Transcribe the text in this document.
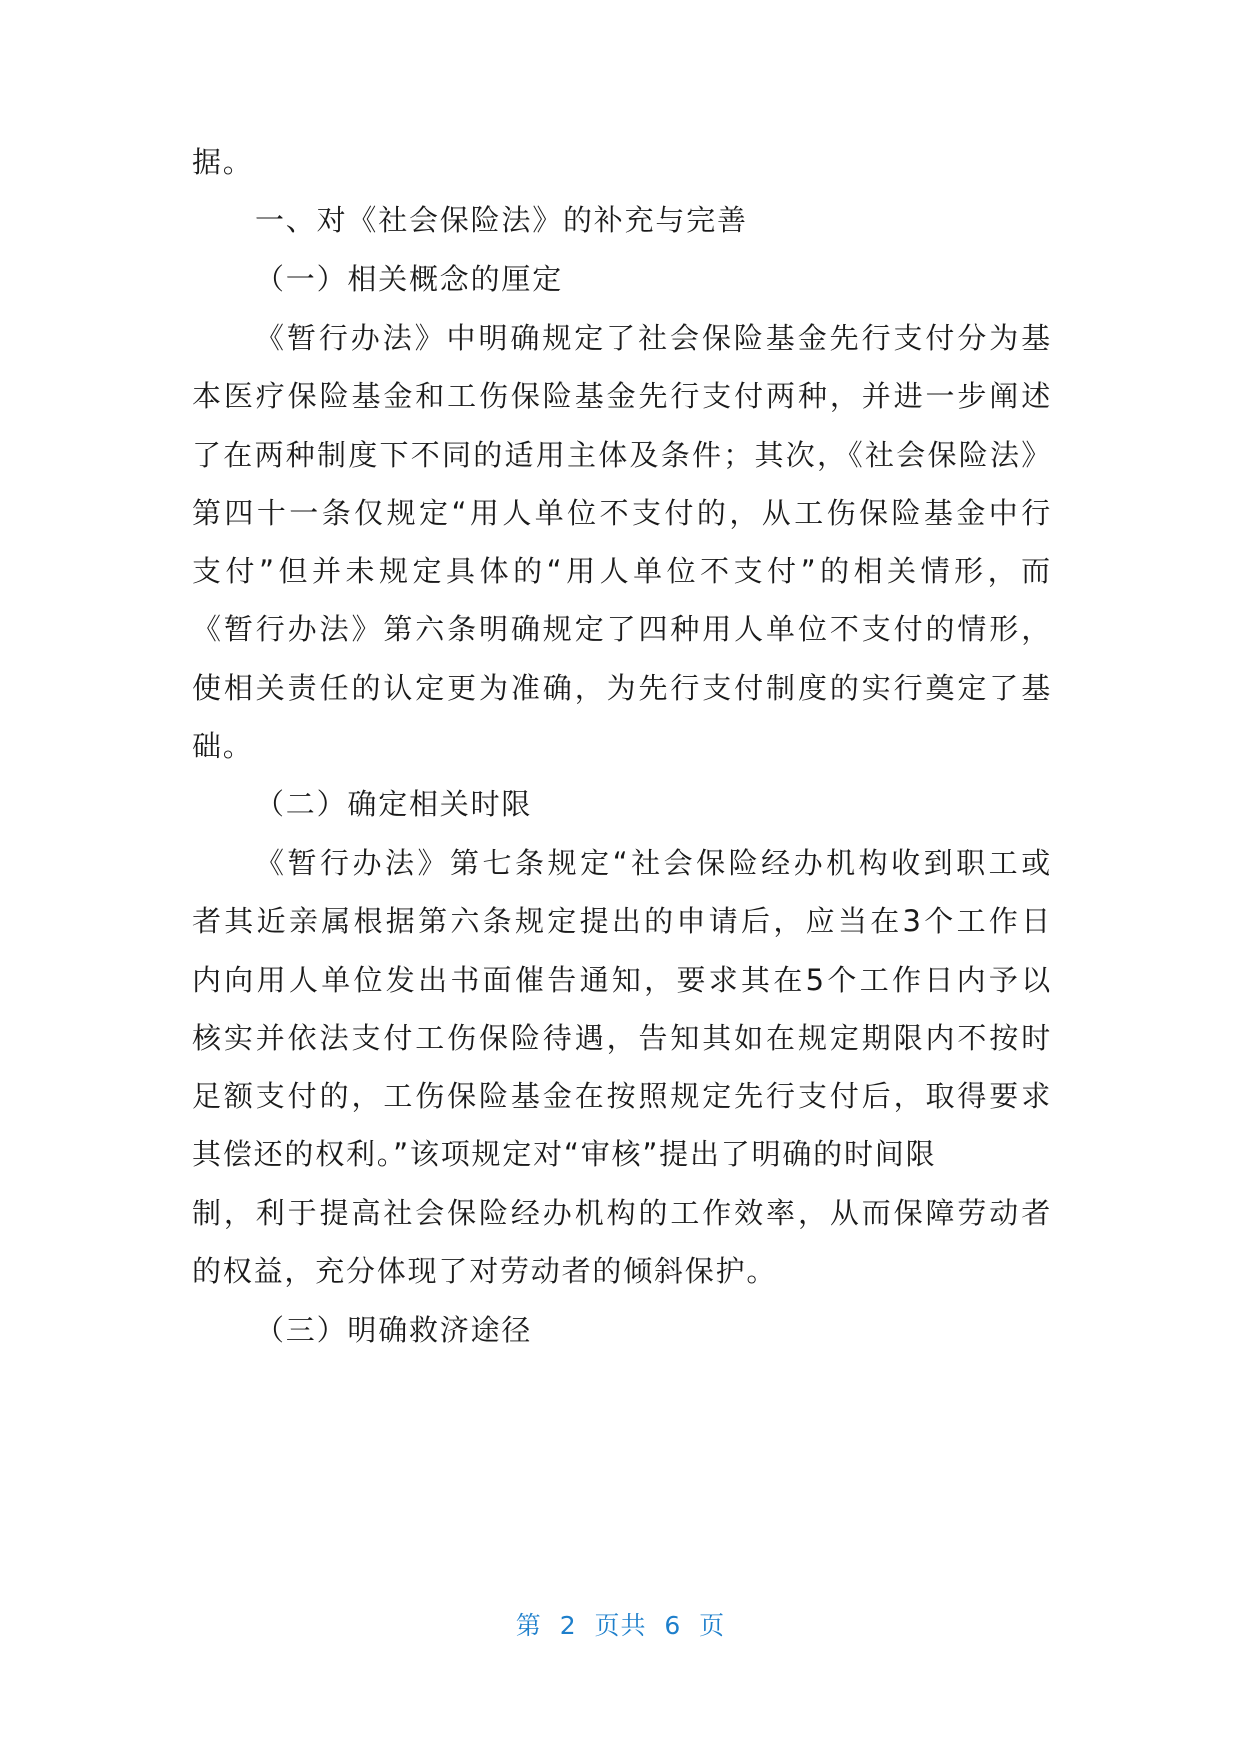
据。
一、对《社会保险法》的补充与完善
（一）相关概念的厘定
《暂行办法》中明确规定了社会保险基金先行支付分为基
本医疗保险基金和工伤保险基金先行支付两种，并进一步阐述
了在两种制度下不同的适用主体及条件；其次，《社会保险法》
第四十一条仅规定“用人单位不支付的，从工伤保险基金中行
支付”但并未规定具体的“用人单位不支付”的相关情形，而
《暂行办法》第六条明确规定了四种用人单位不支付的情形，
使相关责任的认定更为准确，为先行支付制度的实行奠定了基
础。
（二）确定相关时限
《暂行办法》第七条规定“社会保险经办机构收到职工或
者其近亲属根据第六条规定提出的申请后，应当在3个工作日
内向用人单位发出书面催告通知，要求其在5个工作日内予以
核实并依法支付工伤保险待遇，告知其如在规定期限内不按时
足额支付的，工伤保险基金在按照规定先行支付后，取得要求
其偿还的权利。”该项规定对“审核”提出了明确的时间限
制，利于提高社会保险经办机构的工作效率，从而保障劳动者
的权益，充分体现了对劳动者的倾斜保护。
（三）明确救济途径
第  2  页共  6  页
